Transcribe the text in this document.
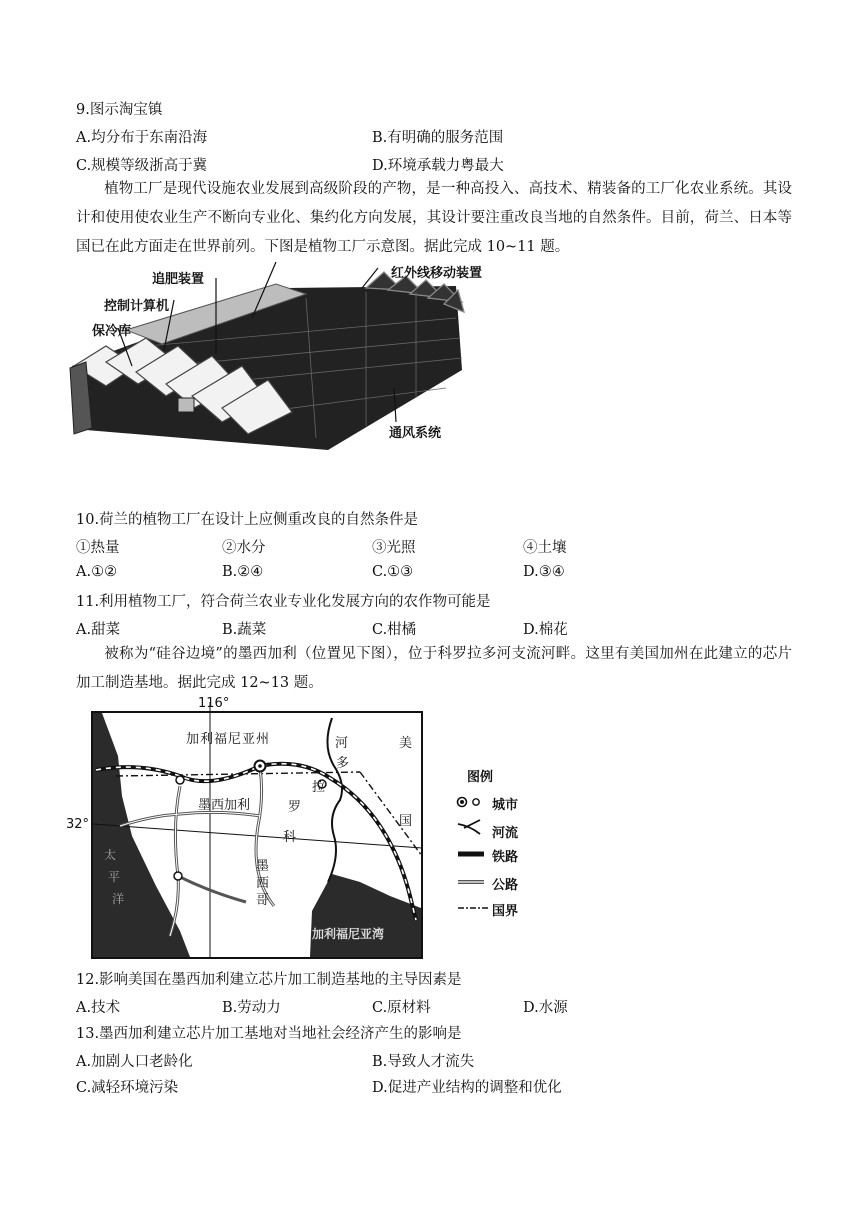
9.图示淘宝镇
A.均分布于东南沿海	B.有明确的服务范围
C.规模等级浙高于冀	D.环境承载力粤最大
植物工厂是现代设施农业发展到高级阶段的产物，是一种高投入、高技术、精装备的工厂化农业系统。其设计和使用使农业生产不断向专业化、集约化方向发展，其设计要注重改良当地的自然条件。目前，荷兰、日本等国已在此方面走在世界前列。下图是植物工厂示意图。据此完成 10~11 题。
追肥装置
控制计算机
保冷库
红外线移动装置
通风系统
10.荷兰的植物工厂在设计上应侧重改良的自然条件是
①热量	②水分	③光照	④土壤
A.①②	B.②④	C.①③	D.③④
11.利用植物工厂，符合荷兰农业专业化发展方向的农作物可能是
A.甜菜	B.蔬菜	C.柑橘	D.棉花
被称为“硅谷边境”的墨西加利（位置见下图），位于科罗拉多河支流河畔。这里有美国加州在此建立的芯片加工制造基地。据此完成 12~13 题。
116°
32°
加利福尼亚州
墨西加利
墨西哥
加利福尼亚湾
河
多
拉
罗
科
美
国
太
平
洋
图例
城市
河流
铁路
公路
国界
12.影响美国在墨西加利建立芯片加工制造基地的主导因素是
A.技术	B.劳动力	C.原材料	D.水源
13.墨西加利建立芯片加工基地对当地社会经济产生的影响是
A.加剧人口老龄化	B.导致人才流失
C.减轻环境污染	D.促进产业结构的调整和优化
